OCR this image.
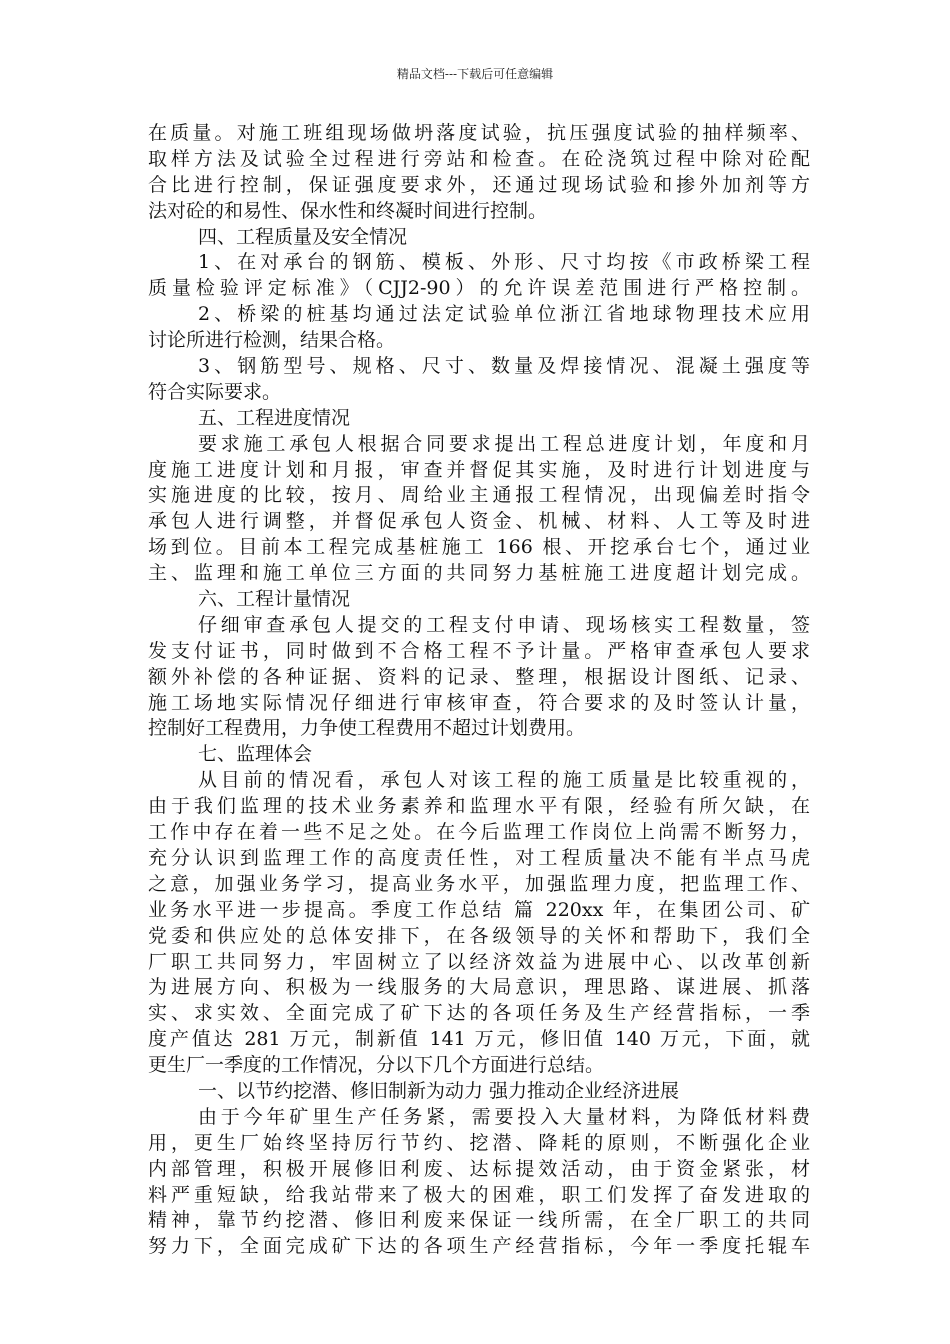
精品文档---下载后可任意编辑
在质量。对施工班组现场做坍落度试验，抗压强度试验的抽样频率、
取样方法及试验全过程进行旁站和检查。在砼浇筑过程中除对砼配
合比进行控制，保证强度要求外，还通过现场试验和掺外加剂等方
法对砼的和易性、保水性和终凝时间进行控制。
四、工程质量及安全情况
1、在对承台的钢筋、模板、外形、尺寸均按《市政桥梁工程
质量检验评定标准》（CJJ2-90）的允许误差范围进行严格控制。
2、桥梁的桩基均通过法定试验单位浙江省地球物理技术应用
讨论所进行检测，结果合格。
3、钢筋型号、规格、尺寸、数量及焊接情况、混凝土强度等
符合实际要求。
五、工程进度情况
要求施工承包人根据合同要求提出工程总进度计划，年度和月
度施工进度计划和月报，审查并督促其实施，及时进行计划进度与
实施进度的比较，按月、周给业主通报工程情况，出现偏差时指令
承包人进行调整，并督促承包人资金、机械、材料、人工等及时进
场到位。目前本工程完成基桩施工 166 根、开挖承台七个，通过业
主、监理和施工单位三方面的共同努力基桩施工进度超计划完成。
六、工程计量情况
仔细审查承包人提交的工程支付申请、现场核实工程数量，签
发支付证书，同时做到不合格工程不予计量。严格审查承包人要求
额外补偿的各种证据、资料的记录、整理，根据设计图纸、记录、
施工场地实际情况仔细进行审核审查，符合要求的及时签认计量，
控制好工程费用，力争使工程费用不超过计划费用。
七、监理体会
从目前的情况看，承包人对该工程的施工质量是比较重视的，
由于我们监理的技术业务素养和监理水平有限，经验有所欠缺，在
工作中存在着一些不足之处。在今后监理工作岗位上尚需不断努力，
充分认识到监理工作的高度责任性，对工程质量决不能有半点马虎
之意，加强业务学习，提高业务水平，加强监理力度，把监理工作、
业务水平进一步提高。季度工作总结 篇 220xx 年，在集团公司、矿
党委和供应处的总体安排下，在各级领导的关怀和帮助下，我们全
厂职工共同努力，牢固树立了以经济效益为进展中心、以改革创新
为进展方向、积极为一线服务的大局意识，理思路、谋进展、抓落
实、求实效、全面完成了矿下达的各项任务及生产经营指标，一季
度产值达 281 万元，制新值 141 万元，修旧值 140 万元，下面，就
更生厂一季度的工作情况，分以下几个方面进行总结。
一、以节约挖潜、修旧制新为动力 强力推动企业经济进展
由于今年矿里生产任务紧，需要投入大量材料，为降低材料费
用，更生厂始终坚持厉行节约、挖潜、降耗的原则，不断强化企业
内部管理，积极开展修旧利废、达标提效活动，由于资金紧张，材
料严重短缺，给我站带来了极大的困难，职工们发挥了奋发进取的
精神，靠节约挖潜、修旧利废来保证一线所需，在全厂职工的共同
努力下，全面完成矿下达的各项生产经营指标，今年一季度托辊车
